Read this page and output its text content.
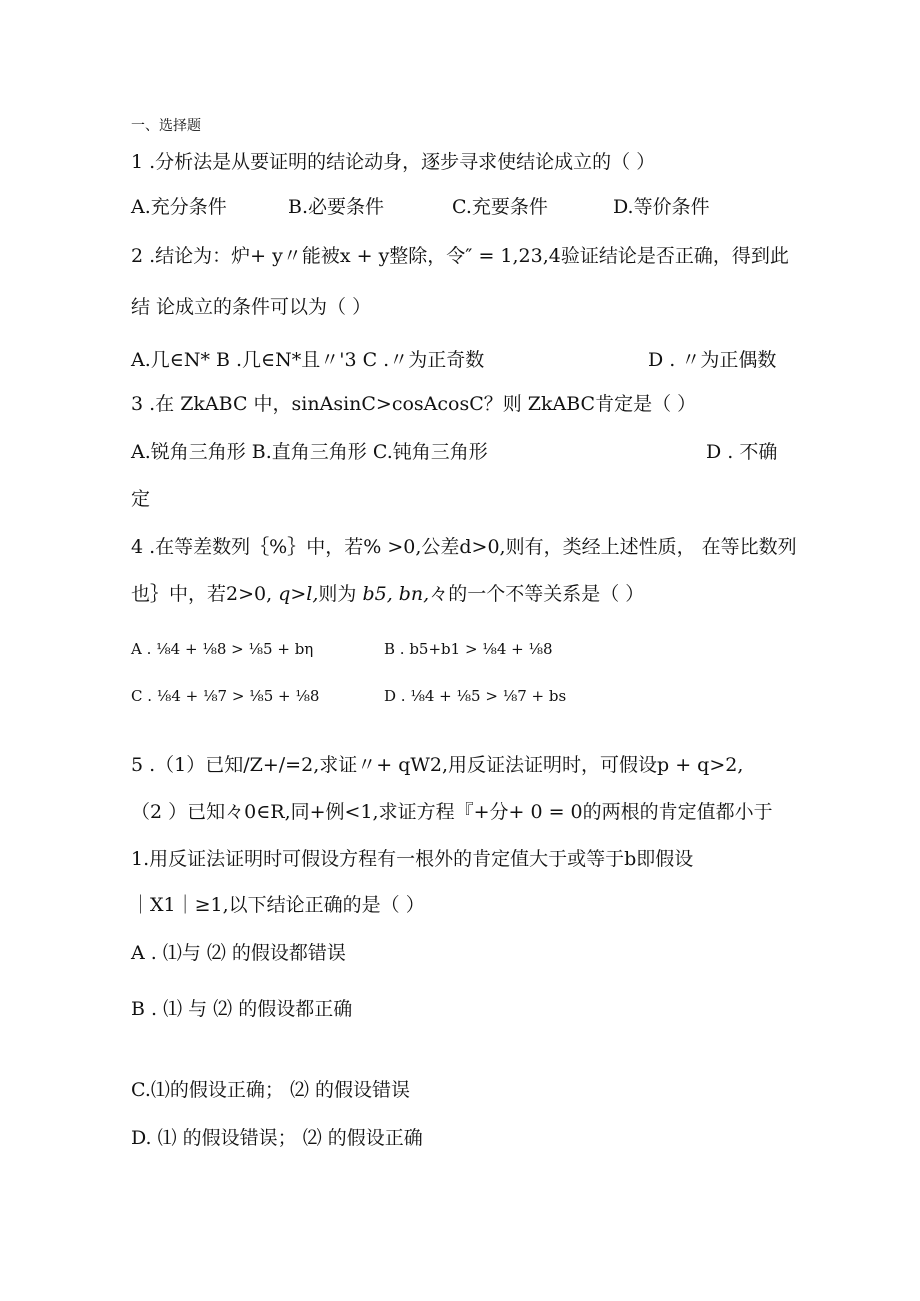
一、选择题
1 .分析法是从要证明的结论动身，逐步寻求使结论成立的（ ）
A.充分条件	B.必要条件	C.充要条件	D.等价条件
2 .结论为：炉+ y〃能被x + y整除，令″ = 1,23,4验证结论是否正确，得到此
结 论成立的条件可以为（ ）
A.几∈N* B .几∈N*且〃'3 C .〃为正奇数	D . 〃为正偶数
3 .在 ZkABC 中，sinAsinC>cosAcosC？则 ZkABC肯定是（ ）
A.锐角三角形 B.直角三角形 C.钝角三角形	D . 不确
定
4 .在等差数列｛%｝中，若% >0,公差d>0,则有，类经上述性质， 在等比数列
也｝中，若2>0, q>l,则为 b5, bn,々的一个不等关系是（ ）
A . ⅛4 + ⅛8 > ⅛5 + bη	B . b5+b1 > ⅛4 + ⅛8
C . ⅛4 + ⅛7 > ⅛5 + ⅛8	D . ⅛4 + ⅛5 > ⅛7 + bs
5 .（1）已知/Z+∕=2,求证〃+ qW2,用反证法证明时，可假设p + q>2,
（2 ）已知々0∈R,同+例<1,求证方程『+分+ 0 = 0的两根的肯定值都小于
1.用反证法证明时可假设方程有一根外的肯定值大于或等于b即假设
｜X1｜≥1,以下结论正确的是（ ）
A . ⑴与 ⑵ 的假设都错误
B . ⑴ 与 ⑵ 的假设都正确
C.⑴的假设正确； ⑵ 的假设错误
D. ⑴ 的假设错误； ⑵ 的假设正确
